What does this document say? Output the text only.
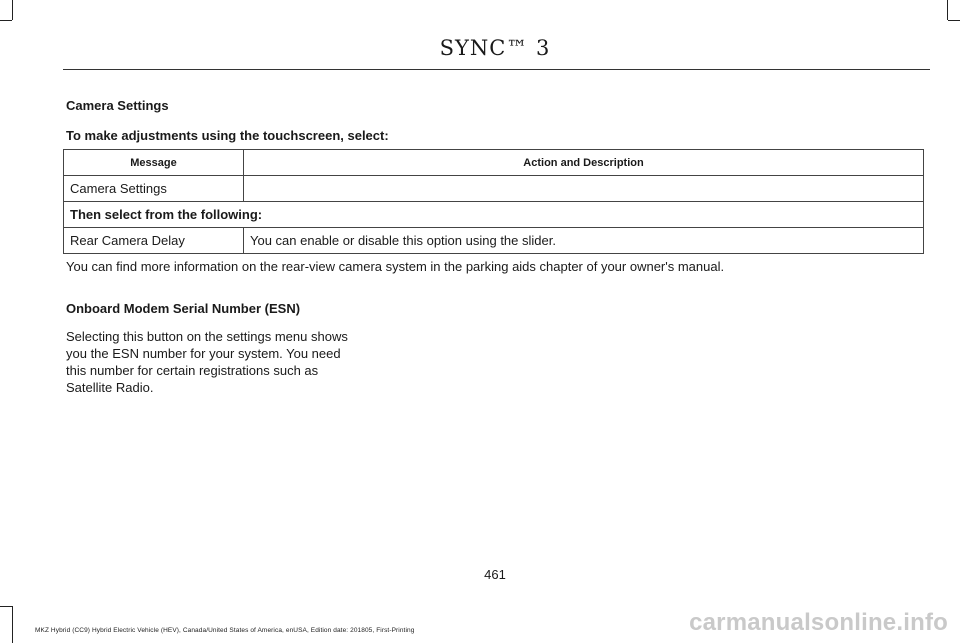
SYNC™ 3
Camera Settings
To make adjustments using the touchscreen, select:
Message	Action and Description
Camera Settings	
Then select from the following:	
Rear Camera Delay	You can enable or disable this option using the slider.
You can find more information on the rear-view camera system in the parking aids chapter of your owner's manual.
Onboard Modem Serial Number (ESN)
Selecting this button on the settings menu shows you the ESN number for your system. You need this number for certain registrations such as Satellite Radio.
461
MKZ Hybrid (CC9) Hybrid Electric Vehicle (HEV), Canada/United States of America, enUSA, Edition date: 201805, First-Printing	carmanualsonline.info
